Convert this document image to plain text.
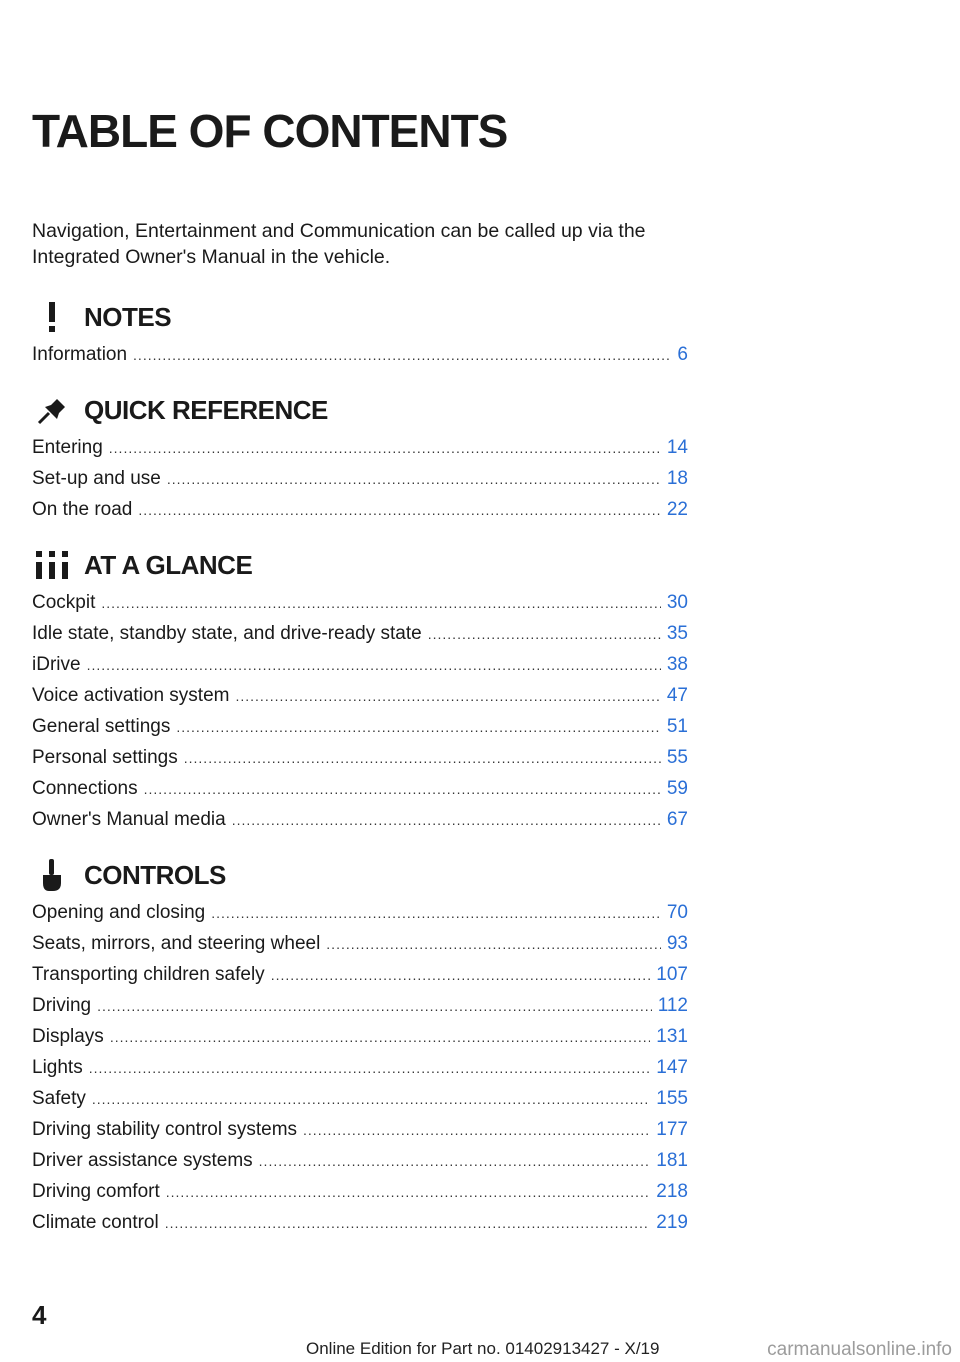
TABLE OF CONTENTS

Navigation, Entertainment and Communication can be called up via the Integrated Owner's Manual in the vehicle.

NOTES
Information .....	6
QUICK REFERENCE
Entering .....	14
Set-up and use .....	18
On the road .....	22
AT A GLANCE
Cockpit .....	30
Idle state, standby state, and drive-ready state .....	35
iDrive .....	38
Voice activation system .....	47
General settings .....	51
Personal settings .....	55
Connections .....	59
Owner's Manual media .....	67
CONTROLS
Opening and closing .....	70
Seats, mirrors, and steering wheel .....	93
Transporting children safely .....	107
Driving .....	112
Displays .....	131
Lights .....	147
Safety .....	155
Driving stability control systems .....	177
Driver assistance systems .....	181
Driving comfort .....	218
Climate control .....	219
4
Online Edition for Part no. 01402913427 - X/19	carmanualsonline.info
